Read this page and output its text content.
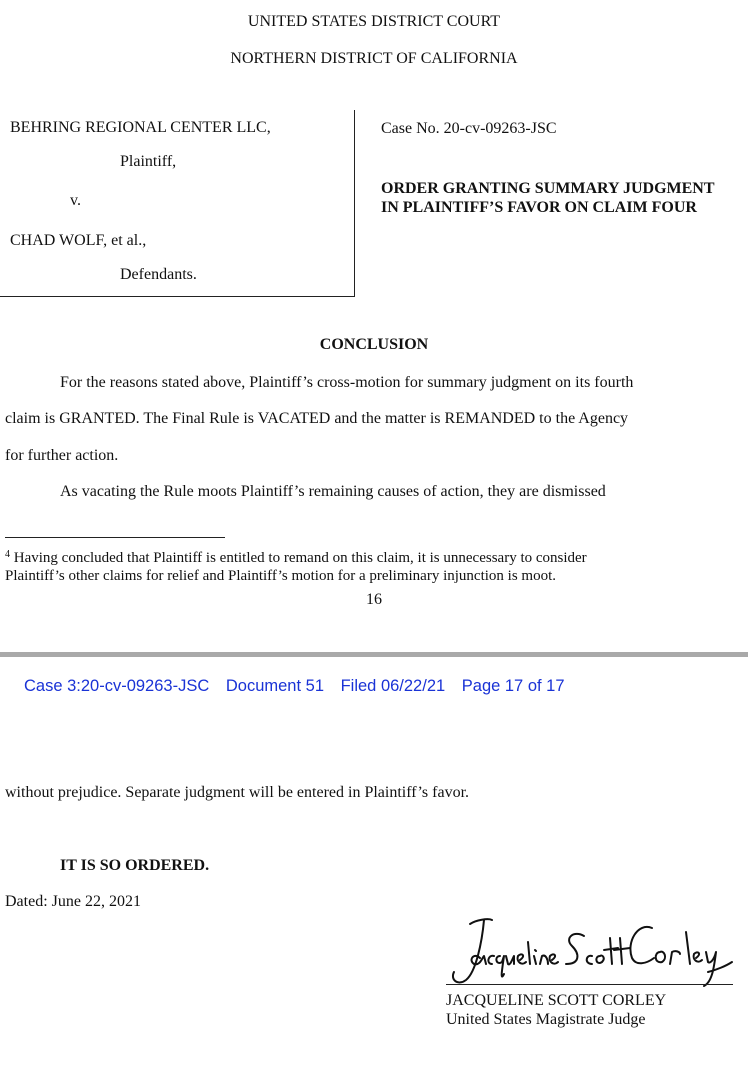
UNITED STATES DISTRICT COURT
NORTHERN DISTRICT OF CALIFORNIA
BEHRING REGIONAL CENTER LLC,
Plaintiff,
v.
CHAD WOLF, et al.,
Defendants.
Case No. 20-cv-09263-JSC
ORDER GRANTING SUMMARY JUDGMENT IN PLAINTIFF’S FAVOR ON CLAIM FOUR
CONCLUSION
For the reasons stated above, Plaintiff’s cross-motion for summary judgment on its fourth
claim is GRANTED. The Final Rule is VACATED and the matter is REMANDED to the Agency
for further action.
As vacating the Rule moots Plaintiff’s remaining causes of action, they are dismissed
$^4$ Having concluded that Plaintiff is entitled to remand on this claim, it is unnecessary to consider
Plaintiff’s other claims for relief and Plaintiff’s motion for a preliminary injunction is moot.
16
Case 3:20-cv-09263-JSC Document 51 Filed 06/22/21 Page 17 of 17
without prejudice. Separate judgment will be entered in Plaintiff’s favor.
IT IS SO ORDERED.
Dated: June 22, 2021
JACQUELINE SCOTT CORLEY
United States Magistrate Judge
